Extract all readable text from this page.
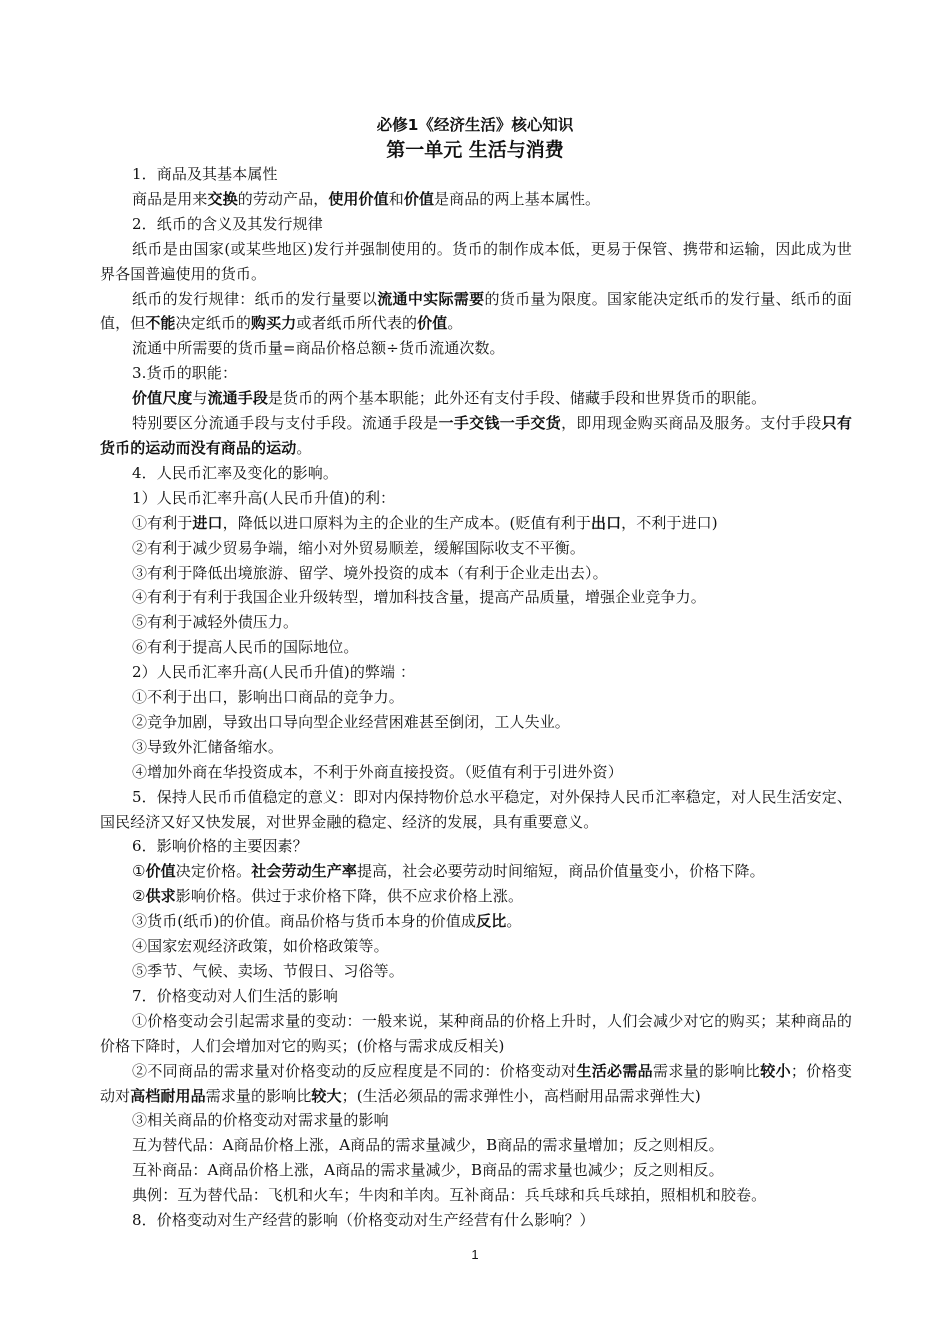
必修1《经济生活》核心知识
第一单元 生活与消费
1．商品及其基本属性
商品是用来交换的劳动产品，使用价值和价值是商品的两上基本属性。
2．纸币的含义及其发行规律
纸币是由国家(或某些地区)发行并强制使用的。货币的制作成本低，更易于保管、携带和运输，因此成为世界各国普遍使用的货币。
纸币的发行规律：纸币的发行量要以流通中实际需要的货币量为限度。国家能决定纸币的发行量、纸币的面值，但不能决定纸币的购买力或者纸币所代表的价值。
流通中所需要的货币量=商品价格总额÷货币流通次数。
3.货币的职能：
价值尺度与流通手段是货币的两个基本职能；此外还有支付手段、储藏手段和世界货币的职能。
特别要区分流通手段与支付手段。流通手段是一手交钱一手交货，即用现金购买商品及服务。支付手段只有货币的运动而没有商品的运动。
4．人民币汇率及变化的影响。
1）人民币汇率升高(人民币升值)的利：
①有利于进口，降低以进口原料为主的企业的生产成本。(贬值有利于出口，不利于进口)
②有利于减少贸易争端，缩小对外贸易顺差，缓解国际收支不平衡。
③有利于降低出境旅游、留学、境外投资的成本（有利于企业走出去）。
④有利于有利于我国企业升级转型，增加科技含量，提高产品质量，增强企业竞争力。
⑤有利于减轻外债压力。
⑥有利于提高人民币的国际地位。
2）人民币汇率升高(人民币升值)的弊端 ：
①不利于出口，影响出口商品的竞争力。
②竞争加剧，导致出口导向型企业经营困难甚至倒闭，工人失业。
③导致外汇储备缩水。
④增加外商在华投资成本，不利于外商直接投资。（贬值有利于引进外资）
5．保持人民币币值稳定的意义：即对内保持物价总水平稳定，对外保持人民币汇率稳定，对人民生活安定、国民经济又好又快发展，对世界金融的稳定、经济的发展，具有重要意义。
6．影响价格的主要因素？
①价值决定价格。社会劳动生产率提高，社会必要劳动时间缩短，商品价值量变小，价格下降。
②供求影响价格。供过于求价格下降，供不应求价格上涨。
③货币(纸币)的价值。商品价格与货币本身的价值成反比。
④国家宏观经济政策，如价格政策等。
⑤季节、气候、卖场、节假日、习俗等。
7．价格变动对人们生活的影响
①价格变动会引起需求量的变动：一般来说，某种商品的价格上升时，人们会减少对它的购买；某种商品的价格下降时，人们会增加对它的购买；(价格与需求成反相关)
②不同商品的需求量对价格变动的反应程度是不同的：价格变动对生活必需品需求量的影响比较小；价格变动对高档耐用品需求量的影响比较大；(生活必须品的需求弹性小，高档耐用品需求弹性大)
③相关商品的价格变动对需求量的影响
互为替代品：A商品价格上涨，A商品的需求量减少，B商品的需求量增加；反之则相反。
互补商品：A商品价格上涨，A商品的需求量减少，B商品的需求量也减少；反之则相反。
典例：互为替代品：飞机和火车；牛肉和羊肉。互补商品：兵乓球和兵乓球拍，照相机和胶卷。
8．价格变动对生产经营的影响（价格变动对生产经营有什么影响？）
1
